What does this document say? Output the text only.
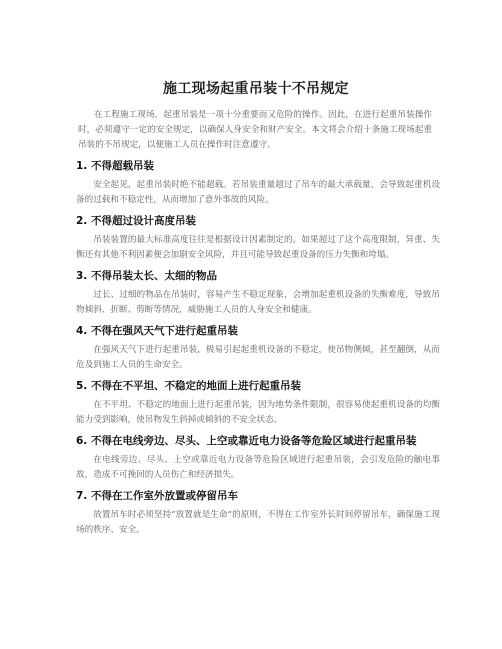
施工现场起重吊装十不吊规定

在工程施工现场，起重吊装是一项十分重要而又危险的操作。因此，在进行起重吊装操作时，必须遵守一定的安全规定，以确保人身安全和财产安全。本文将会介绍十条施工现场起重吊装的不吊规定，以便施工人员在操作时注意遵守。

1. 不得超载吊装

安全起见，起重吊装时绝不能超载。若吊装重量超过了吊车的最大承载量，会导致起重机设备的过载和不稳定性，从而增加了意外事故的风险。

2. 不得超过设计高度吊装

吊装装置的最大标准高度往往是根据设计因素制定的。如果超过了这个高度限制，异重、失衡还有其他不利因素便会加剧安全风险，并且可能导致起重设备的压力失衡和垮塌。

3. 不得吊装太长、太细的物品

过长、过细的物品在吊装时，容易产生不稳定现象，会增加起重机设备的失衡难度，导致吊物倾斜、折断、剪断等情况，威胁施工人员的人身安全和健康。

4. 不得在强风天气下进行起重吊装

在强风天气下进行起重吊装，极易引起起重机设备的不稳定，使吊物侧倾，甚至翻倒，从而危及到施工人员的生命安全。

5. 不得在不平坦、不稳定的地面上进行起重吊装

在不平坦、不稳定的地面上进行起重吊装，因为地势条件限制，很容易使起重机设备的均衡能力受到影响，使吊物发生斜掉或倾斜的不安全状态。

6. 不得在电线旁边、尽头、上空或靠近电力设备等危险区域进行起重吊装

在电线旁边、尽头、上空或靠近电力设备等危险区域进行起重吊装，会引发危险的触电事故，造成不可挽回的人员伤亡和经济损失。

7. 不得在工作室外放置或停留吊车

放置吊车时必须坚持“放置就是生命”的原则，不得在工作室外长时间停留吊车，确保施工现场的秩序、安全。
